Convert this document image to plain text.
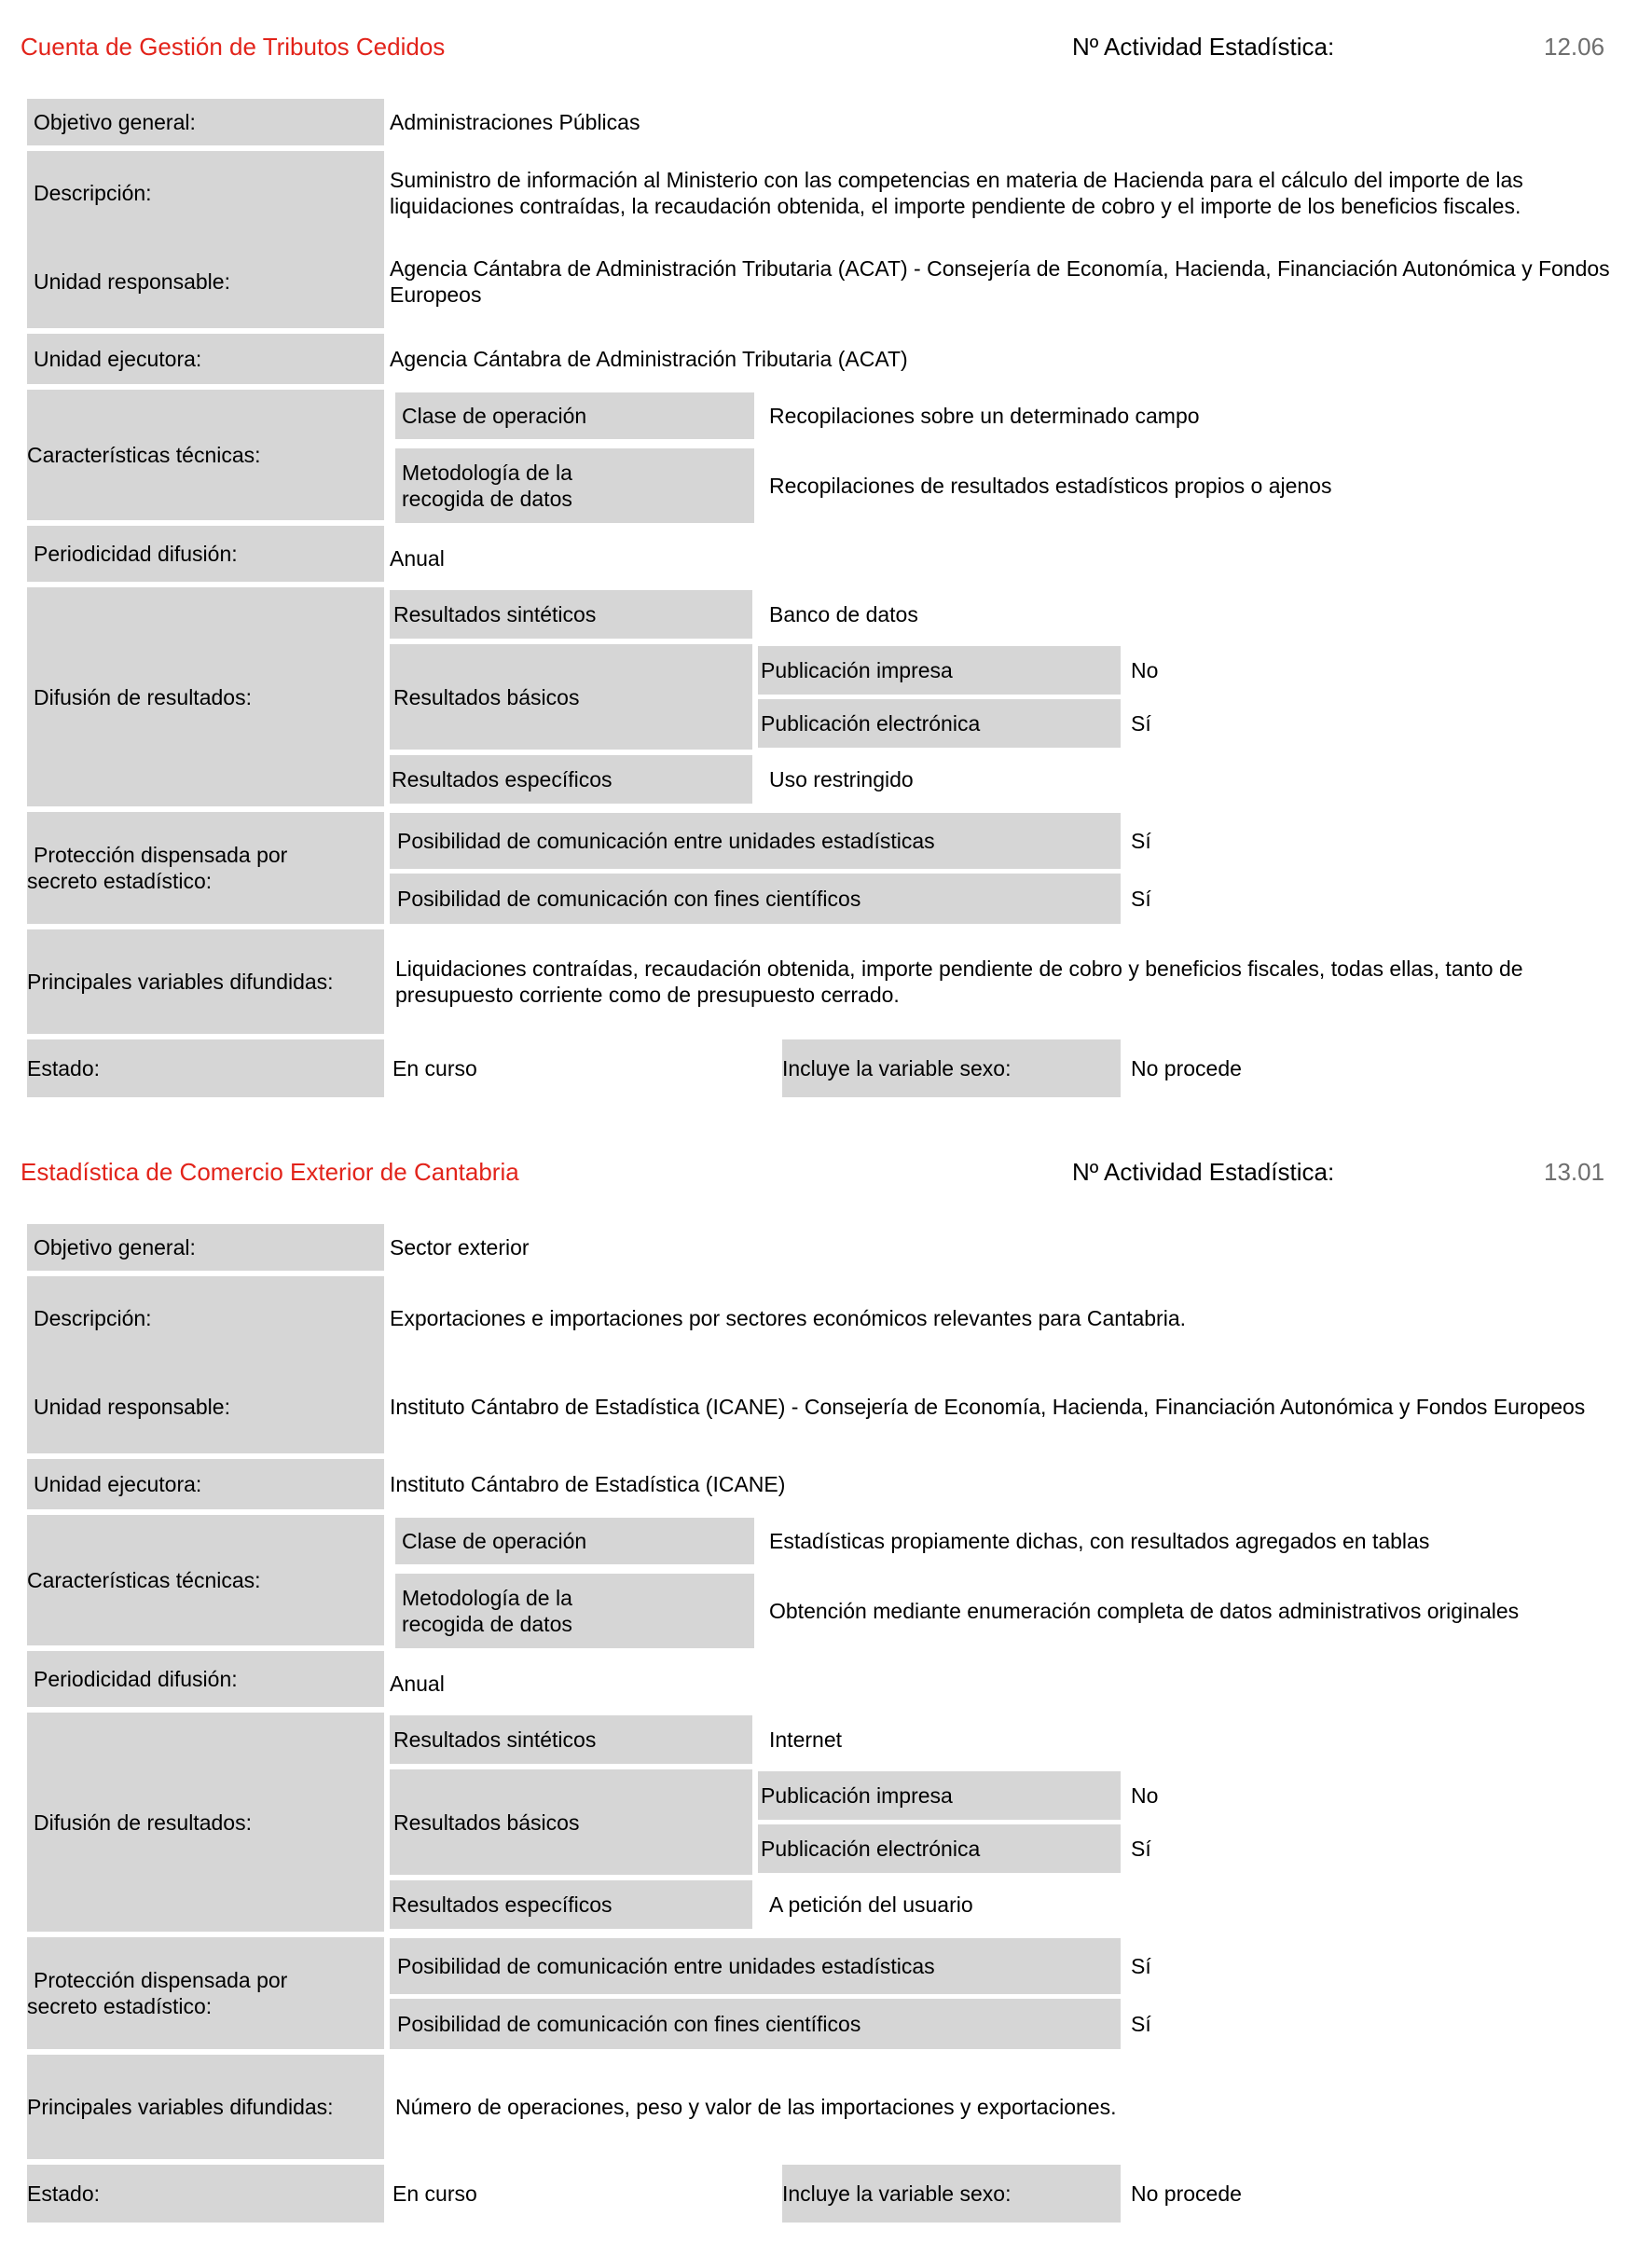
Cuenta de Gestión de Tributos Cedidos	Nº Actividad Estadística:	12.06
Objetivo general:	Administraciones Públicas
Descripción:
Suministro de información al Ministerio con las competencias en materia de Hacienda para el cálculo del importe de las liquidaciones contraídas, la recaudación obtenida, el importe pendiente de cobro y el importe de los beneficios fiscales.
Unidad responsable:
Agencia Cántabra de Administración Tributaria (ACAT) - Consejería de Economía, Hacienda, Financiación Autonómica y Fondos Europeos
Unidad ejecutora:	Agencia Cántabra de Administración Tributaria (ACAT)
Características técnicas:
Clase de operación	Recopilaciones sobre un determinado campo
Metodología de la
recogida de datos
Recopilaciones de resultados estadísticos propios o ajenos
Periodicidad difusión:	Anual
Difusión de resultados:
Resultados sintéticos	Banco de datos
Resultados básicos
Publicación impresa	No
Publicación electrónica	Sí
Resultados específicos	Uso restringido
Protección dispensada por
secreto estadístico:
Posibilidad de comunicación entre unidades estadísticas	Sí
Posibilidad de comunicación con fines científicos	Sí
Principales variables difundidas:
Liquidaciones contraídas, recaudación obtenida, importe pendiente de cobro y beneficios fiscales, todas ellas, tanto de presupuesto corriente como de presupuesto cerrado.
Estado:	En curso	Incluye la variable sexo:	No procede
Estadística de Comercio Exterior de Cantabria	Nº Actividad Estadística:	13.01
Objetivo general:	Sector exterior
Descripción:	Exportaciones e importaciones por sectores económicos relevantes para Cantabria.
Unidad responsable:	Instituto Cántabro de Estadística (ICANE) - Consejería de Economía, Hacienda, Financiación Autonómica y Fondos Europeos
Unidad ejecutora:	Instituto Cántabro de Estadística (ICANE)
Características técnicas:
Clase de operación	Estadísticas propiamente dichas, con resultados agregados en tablas
Metodología de la
recogida de datos
Obtención mediante enumeración completa de datos administrativos originales
Periodicidad difusión:	Anual
Difusión de resultados:
Resultados sintéticos	Internet
Resultados básicos
Publicación impresa	No
Publicación electrónica	Sí
Resultados específicos	A petición del usuario
Protección dispensada por
secreto estadístico:
Posibilidad de comunicación entre unidades estadísticas	Sí
Posibilidad de comunicación con fines científicos	Sí
Principales variables difundidas:	Número de operaciones, peso y valor de las importaciones y exportaciones.
Estado:	En curso	Incluye la variable sexo:	No procede
